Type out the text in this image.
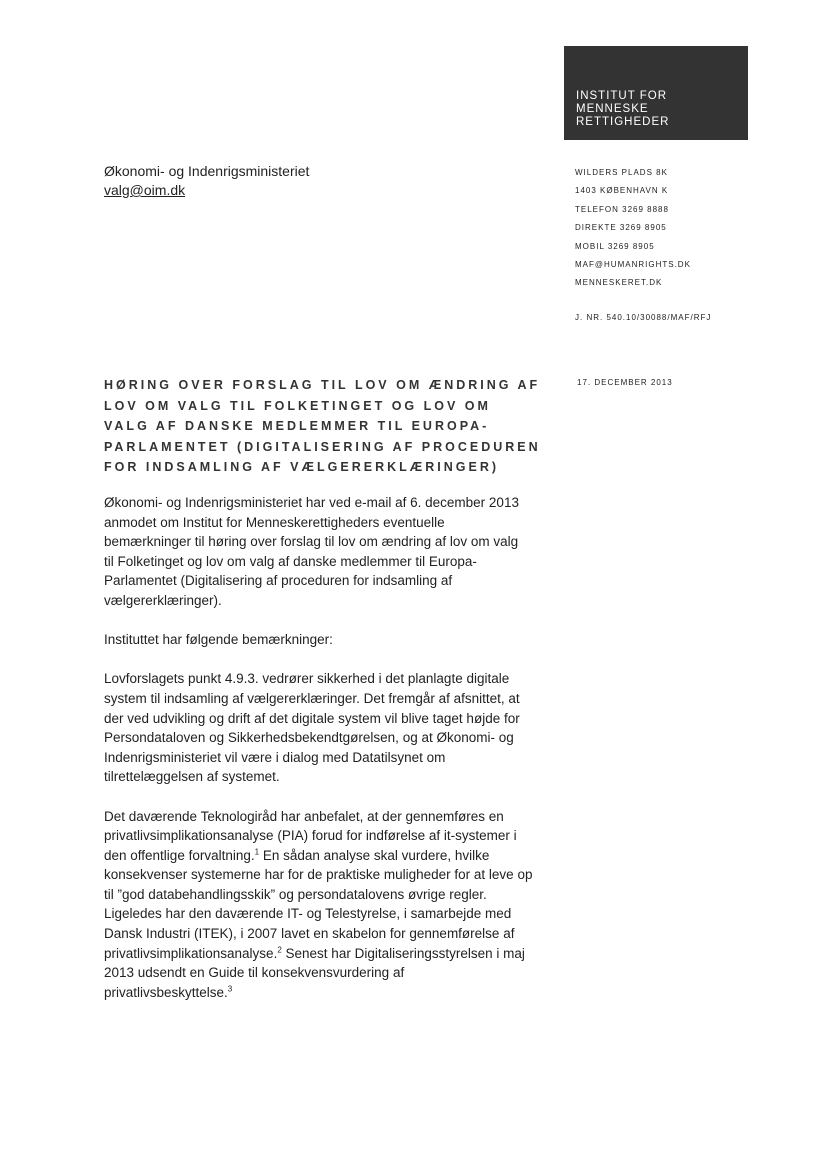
INSTITUT FOR
MENNESKE
RETTIGHEDER
Økonomi- og Indenrigsministeriet
valg@oim.dk
WILDERS PLADS 8K
1403 KØBENHAVN K
TELEFON 3269 8888
DIREKTE 3269 8905
MOBIL 3269 8905
MAF@HUMANRIGHTS.DK
MENNESKERET.DK
J. NR. 540.10/30088/MAF/RFJ
17. DECEMBER 2013
HØRING OVER FORSLAG TIL LOV OM ÆNDRING AF
LOV OM VALG TIL FOLKETINGET OG LOV OM
VALG AF DANSKE MEDLEMMER TIL EUROPA-
PARLAMENTET (DIGITALISERING AF PROCEDUREN
FOR INDSAMLING AF VÆLGERERKLÆRINGER)

Økonomi- og Indenrigsministeriet har ved e-mail af 6. december 2013
anmodet om Institut for Menneskerettigheders eventuelle
bemærkninger til høring over forslag til lov om ændring af lov om valg
til Folketinget og lov om valg af danske medlemmer til Europa-
Parlamentet (Digitalisering af proceduren for indsamling af
vælgererklæringer).

Instituttet har følgende bemærkninger:

Lovforslagets punkt 4.9.3. vedrører sikkerhed i det planlagte digitale
system til indsamling af vælgererklæringer. Det fremgår af afsnittet, at
der ved udvikling og drift af det digitale system vil blive taget højde for
Persondataloven og Sikkerhedsbekendtgørelsen, og at Økonomi- og
Indenrigsministeriet vil være i dialog med Datatilsynet om
tilrettelæggelsen af systemet.

Det daværende Teknologiråd har anbefalet, at der gennemføres en
privatlivsimplikationsanalyse (PIA) forud for indførelse af it-systemer i
den offentlige forvaltning.$^1$ En sådan analyse skal vurdere, hvilke
konsekvenser systemerne har for de praktiske muligheder for at leve op
til ”god databehandlingsskik” og persondatalovens øvrige regler.
Ligeledes har den daværende IT- og Telestyrelse, i samarbejde med
Dansk Industri (ITEK), i 2007 lavet en skabelon for gennemførelse af
privatlivsimplikationsanalyse.$^2$ Senest har Digitaliseringsstyrelsen i maj
2013 udsendt en Guide til konsekvensvurdering af
privatlivsbeskyttelse.$^3$
